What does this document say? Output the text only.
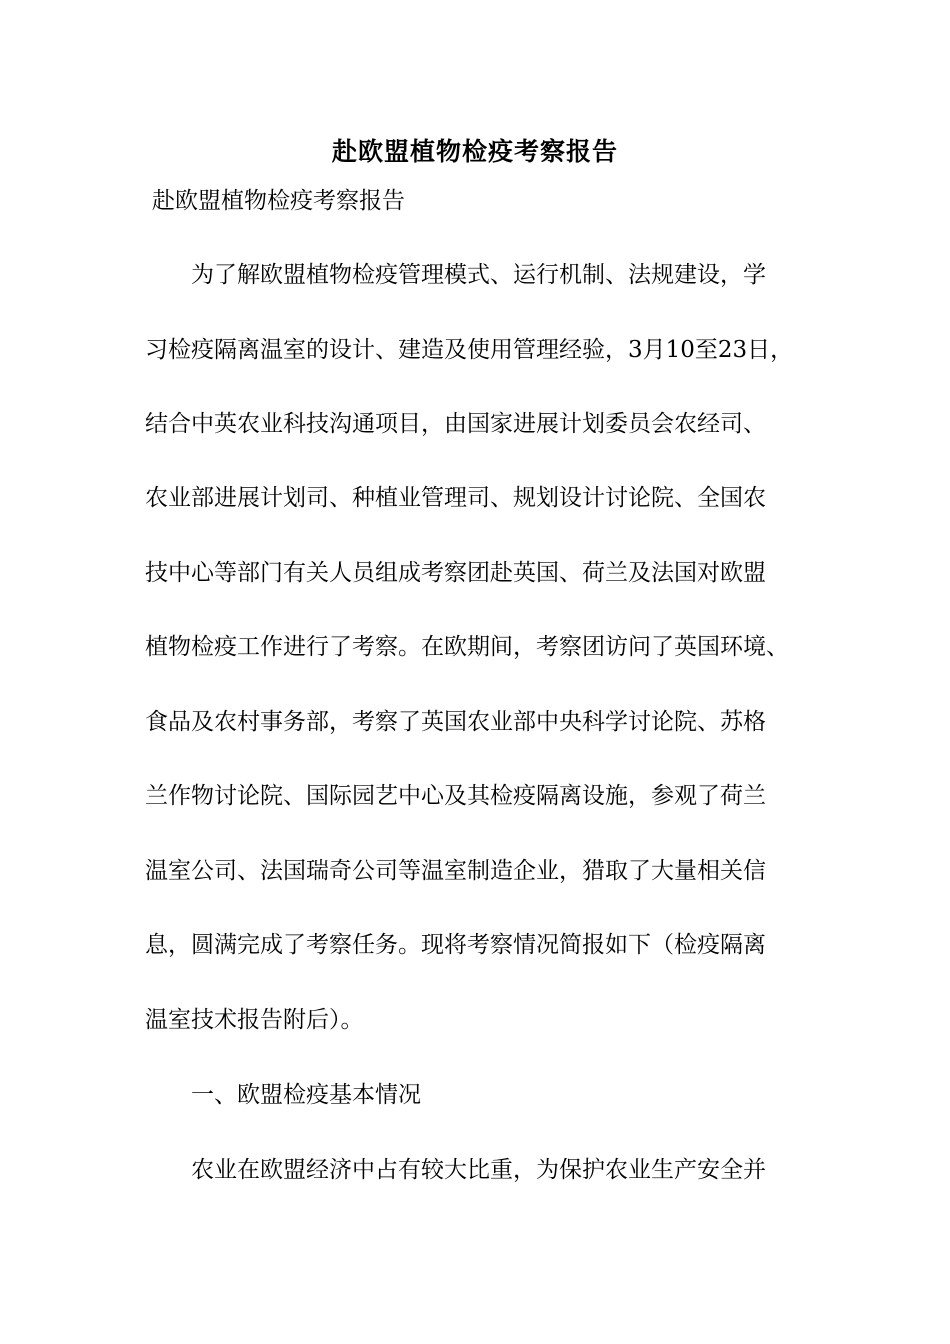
赴欧盟植物检疫考察报告

赴欧盟植物检疫考察报告

　　为了解欧盟植物检疫管理模式、运行机制、法规建设，学

习检疫隔离温室的设计、建造及使用管理经验，3月10至23日，

结合中英农业科技沟通项目，由国家进展计划委员会农经司、

农业部进展计划司、种植业管理司、规划设计讨论院、全国农

技中心等部门有关人员组成考察团赴英国、荷兰及法国对欧盟

植物检疫工作进行了考察。在欧期间，考察团访问了英国环境、

食品及农村事务部，考察了英国农业部中央科学讨论院、苏格

兰作物讨论院、国际园艺中心及其检疫隔离设施，参观了荷兰

温室公司、法国瑞奇公司等温室制造企业，猎取了大量相关信

息，圆满完成了考察任务。现将考察情况简报如下（检疫隔离

温室技术报告附后）。

　　一、欧盟检疫基本情况

　　农业在欧盟经济中占有较大比重，为保护农业生产安全并
